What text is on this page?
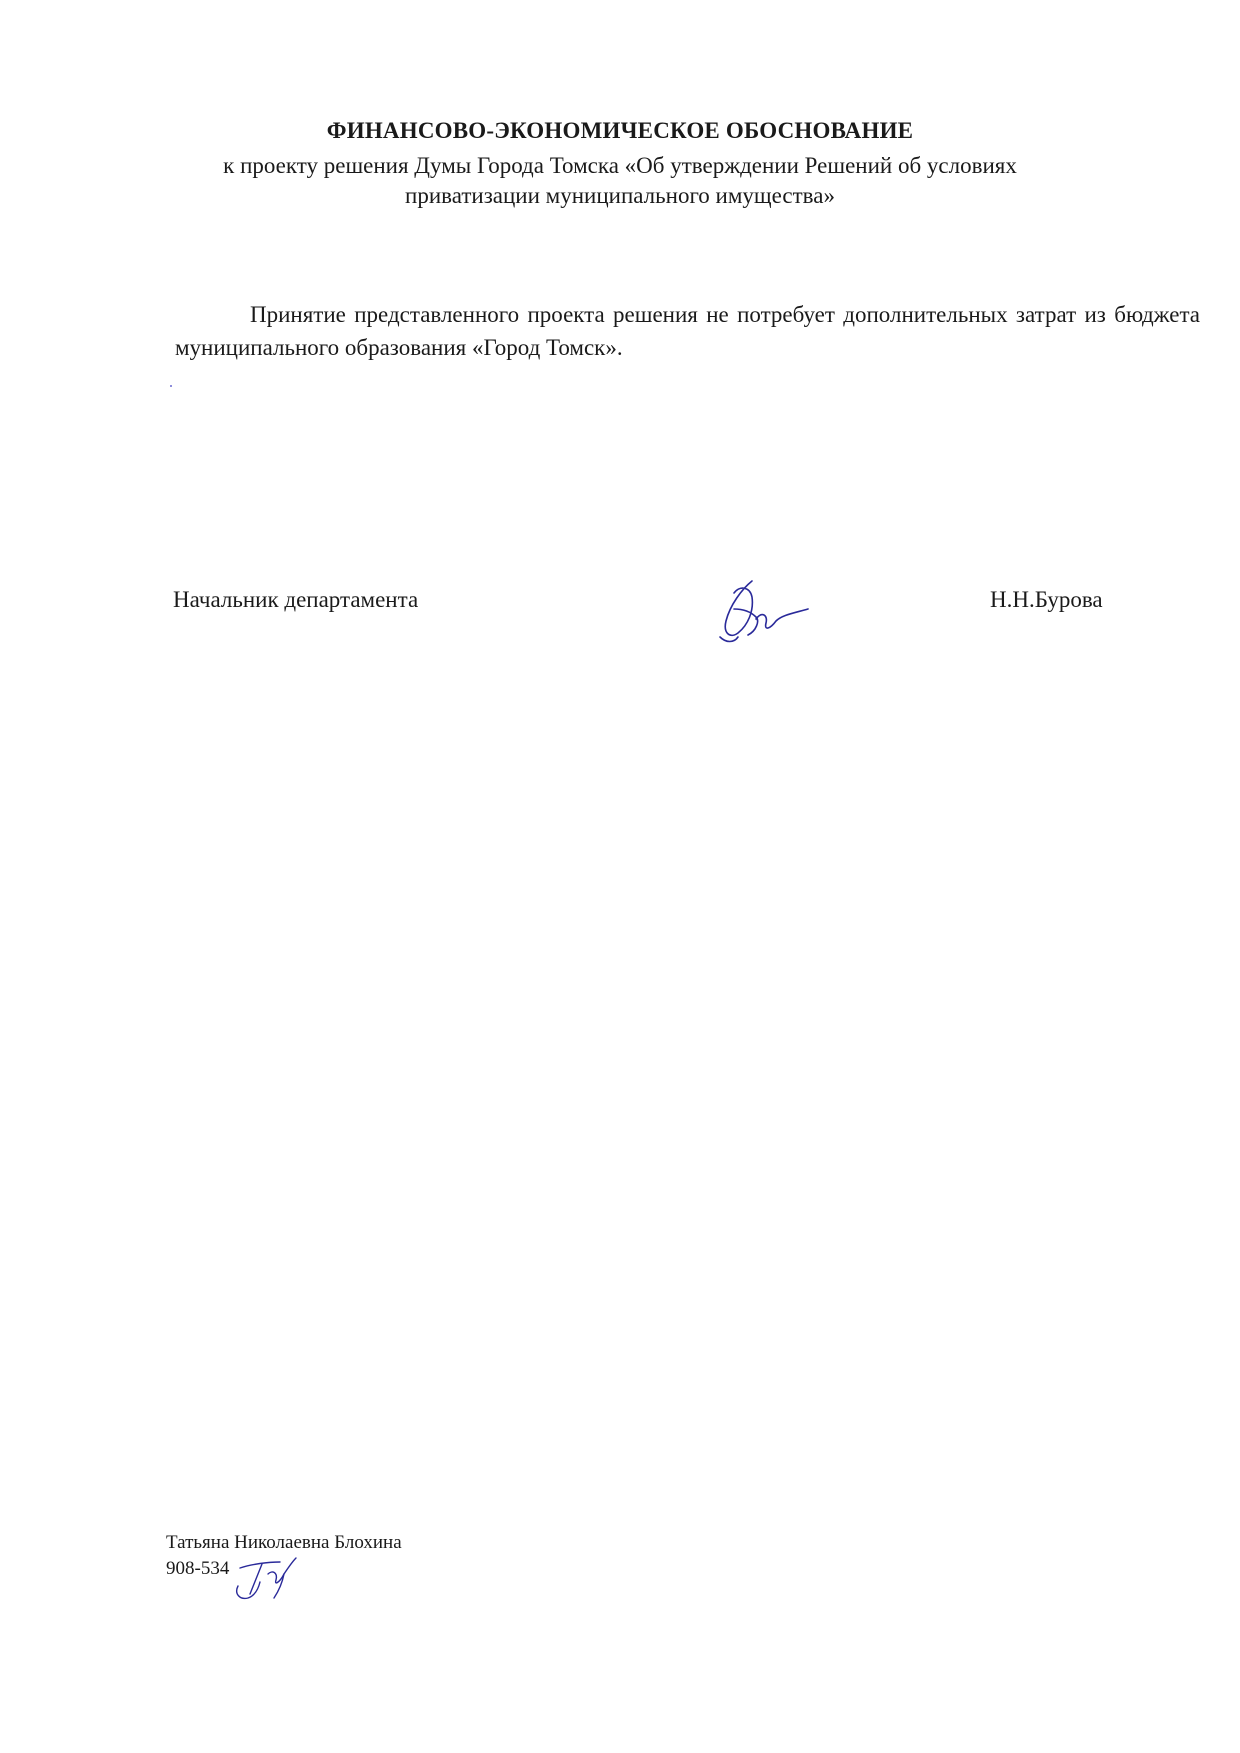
ФИНАНСОВО-ЭКОНОМИЧЕСКОЕ ОБОСНОВАНИЕ
к проекту решения Думы Города Томска «Об утверждении Решений об условиях
приватизации муниципального имущества»

Принятие представленного проекта решения не потребует дополнительных затрат из бюджета муниципального образования «Город Томск».

Начальник департамента	Н.Н.Бурова
Татьяна Николаевна Блохина
908-534
